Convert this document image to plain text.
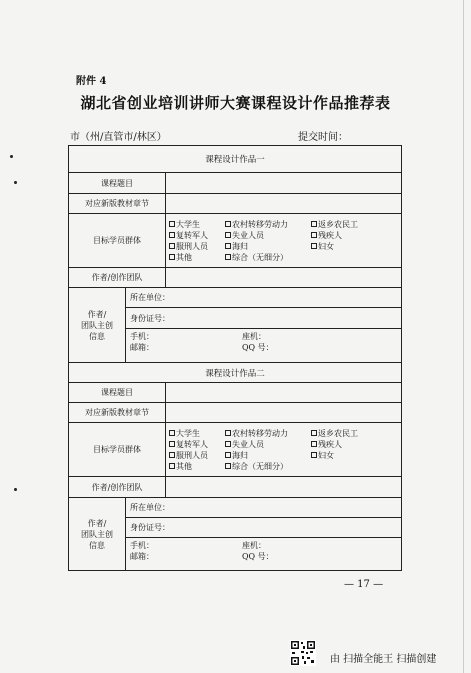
附件 4
湖北省创业培训讲师大赛课程设计作品推荐表
市（州/直管市/林区）	提交时间：
课程设计作品一
课程题目
对应新版教材章节
目标学员群体
大学生	农村转移劳动力	返乡农民工
复转军人	失业人员	残疾人
服刑人员	海归	妇女
其他	综合（无细分）
作者/创作团队
作者/
团队主创
信息
所在单位：
身份证号：
手机：	座机：
邮箱：	QQ 号：
课程设计作品二
课程题目
对应新版教材章节
目标学员群体
大学生	农村转移劳动力	返乡农民工
复转军人	失业人员	残疾人
服刑人员	海归	妇女
其他	综合（无细分）
作者/创作团队
作者/
团队主创
信息
所在单位：
身份证号：
手机：	座机：
邮箱：	QQ 号：
— 17 —
由 扫描全能王 扫描创建
